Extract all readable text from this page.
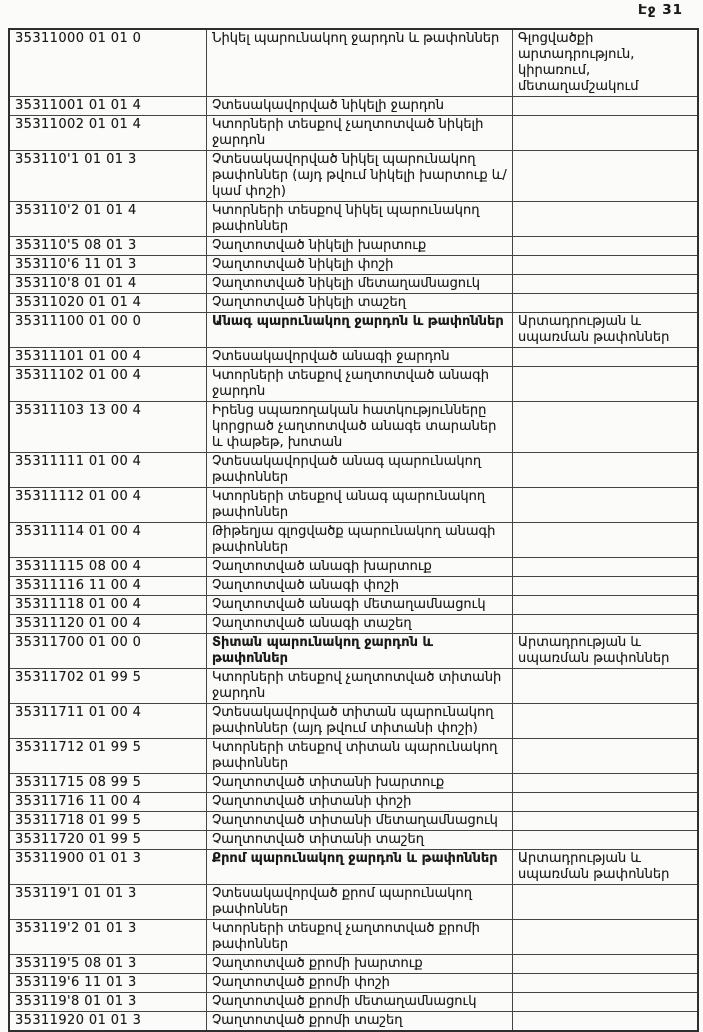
Էջ 31
35311000 01 01 0	Նիկել պարունակող ջարդոն և թափոններ	Գլոցվածքի արտադրություն, կիրառում, մետաղամշակում
35311001 01 01 4	Չտեսակավորված նիկելի ջարդոն	
35311002 01 01 4	Կտորների տեսքով չաղտոտված նիկելի ջարդոն	
353110'1 01 01 3	Չտեսակավորված նիկել պարունակող թափոններ (այդ թվում նիկելի խարտուք և/կամ փոշի)	
353110'2 01 01 4	Կտորների տեսքով նիկել պարունակող թափոններ	
353110'5 08 01 3	Չաղտոտված նիկելի խարտուք	
353110'6 11 01 3	Չաղտոտված նիկելի փոշի	
353110'8 01 01 4	Չաղտոտված նիկելի մետաղամնացուկ	
35311020 01 01 4	Չաղտոտված նիկելի տաշեղ	
35311100 01 00 0	Անագ պարունակող ջարդոն և թափոններ	Արտադրության և սպառման թափոններ
35311101 01 00 4	Չտեսակավորված անագի ջարդոն	
35311102 01 00 4	Կտորների տեսքով չաղտոտված անագի ջարդոն	
35311103 13 00 4	Իրենց սպառողական հատկությունները կորցրած չաղտոտված անագե տարաներ և փաթեթ, խոտան	
35311111 01 00 4	Չտեսակավորված անագ պարունակող թափոններ	
35311112 01 00 4	Կտորների տեսքով անագ պարունակող թափոններ	
35311114 01 00 4	Թիթեղյա գլոցվածք պարունակող անագի թափոններ	
35311115 08 00 4	Չաղտոտված անագի խարտուք	
35311116 11 00 4	Չաղտոտված անագի փոշի	
35311118 01 00 4	Չաղտոտված անագի մետաղամնացուկ	
35311120 01 00 4	Չաղտոտված անագի տաշեղ	
35311700 01 00 0	Տիտան պարունակող ջարդոն և թափոններ	Արտադրության և սպառման թափոններ
35311702 01 99 5	Կտորների տեսքով չաղտոտված տիտանի ջարդոն	
35311711 01 00 4	Չտեսակավորված տիտան պարունակող թափոններ (այդ թվում տիտանի փոշի)	
35311712 01 99 5	Կտորների տեսքով տիտան պարունակող թափոններ	
35311715 08 99 5	Չաղտոտված տիտանի խարտուք	
35311716 11 00 4	Չաղտոտված տիտանի փոշի	
35311718 01 99 5	Չաղտոտված տիտանի մետաղամնացուկ	
35311720 01 99 5	Չաղտոտված տիտանի տաշեղ	
35311900 01 01 3	Քրոմ պարունակող ջարդոն և թափոններ	Արտադրության և սպառման թափոններ
353119'1 01 01 3	Չտեսակավորված քրոմ պարունակող թափոններ	
353119'2 01 01 3	Կտորների տեսքով չաղտոտված քրոմի թափոններ	
353119'5 08 01 3	Չաղտոտված քրոմի խարտուք	
353119'6 11 01 3	Չաղտոտված քրոմի փոշի	
353119'8 01 01 3	Չաղտոտված քրոմի մետաղամնացուկ	
35311920 01 01 3	Չաղտոտված քրոմի տաշեղ	
